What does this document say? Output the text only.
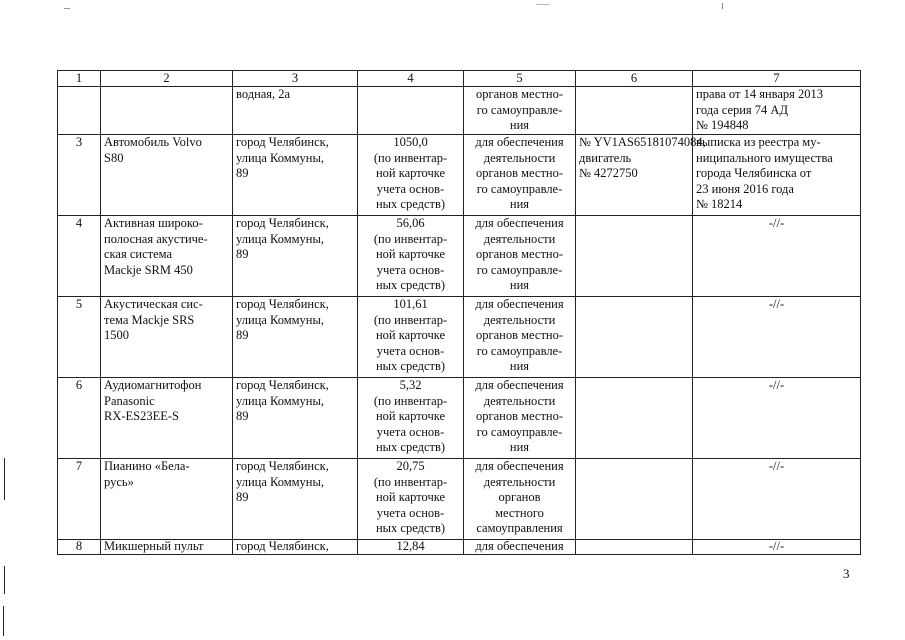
1	2	3	4	5	6	7

		водная, 2а		органов местно-
го самоуправле-
ния		права от 14 января 2013
года серия 74 АД
№ 194848

3	Автомобиль Volvo
S80	город Челябинск,
улица Коммуны,
89	1050,0
(по инвентар-
ной карточке
учета основ-
ных средств)	для обеспечения
деятельности
органов местно-
го самоуправле-
ния	№ YV1AS65181074084,
двигатель
№ 4272750	выписка из реестра му-
ниципального имущества
города Челябинска от
23 июня 2016 года
№ 18214

4	Активная широко-
полосная акустиче-
ская система
Mackje SRM 450	город Челябинск,
улица Коммуны,
89	56,06
(по инвентар-
ной карточке
учета основ-
ных средств)	для обеспечения
деятельности
органов местно-
го самоуправле-
ния		-//-
5	Акустическая сис-
тема Mackje SRS
1500	город Челябинск,
улица Коммуны,
89	101,61
(по инвентар-
ной карточке
учета основ-
ных средств)	для обеспечения
деятельности
органов местно-
го самоуправле-
ния		-//-
6	Аудиомагнитофон
Panasonic
RX-ES23EE-S	город Челябинск,
улица Коммуны,
89	5,32
(по инвентар-
ной карточке
учета основ-
ных средств)	для обеспечения
деятельности
органов местно-
го самоуправле-
ния		-//-
7	Пианино «Бела-
русь»	город Челябинск,
улица Коммуны,
89	20,75
(по инвентар-
ной карточке
учета основ-
ных средств)	для обеспечения
деятельности
органов
местного
самоуправления		-//-
8	Микшерный пульт	город Челябинск,	12,84	для обеспечения		-//-
3
